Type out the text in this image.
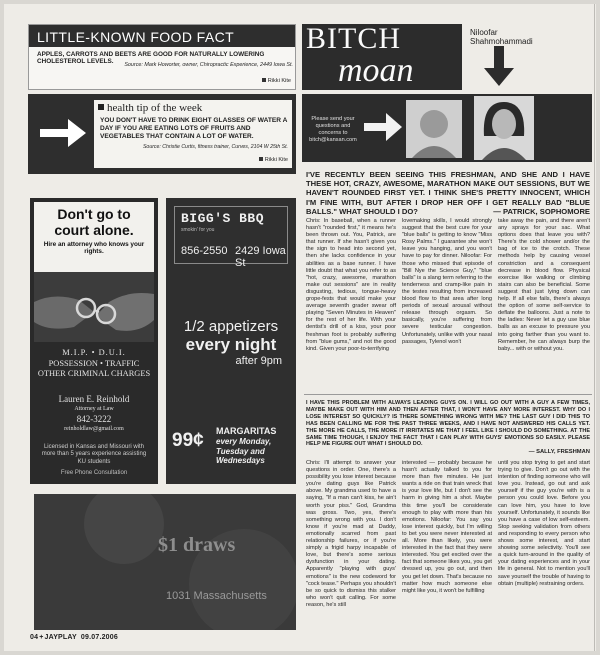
LITTLE-KNOWN FOOD FACT
APPLES, CARROTS AND BEETS ARE GOOD FOR NATURALLY LOWERING CHOLESTEROL LEVELS.	Source: Mark Howorter, owner, Chiropractic Experience, 2449 Iowa St.
Rikki Kite
health tip of the week
YOU DON'T HAVE TO DRINK EIGHT GLASSES OF WATER A DAY IF YOU ARE EATING LOTS OF FRUITS AND VEGETABLES THAT CONTAIN A LOT OF WATER.
Source: Christie Curtis, fitness trainer, Curves, 2104 W 25th St.
Rikki Kite
Don't go to
court alone.
Hire an attorney who knows your rights.
M.I.P. • D.U.I.
POSSESSION • TRAFFIC
OTHER CRIMINAL CHARGES
Lauren E. Reinhold
Attorney at Law
842-3222
reinholdlaw@gmail.com
Licensed in Kansas and Missouri with more than 5 years experience assisting KU students
Free Phone Consultation
BIGG'S BBQ
smokin' for you
856-2550 2429 Iowa St
1/2 appetizers
every night
after 9pm
99¢ MARGARITAS
every Monday, Tuesday and Wednesdays
$1 draws
1031 Massachusetts
04+JAYPLAY 09.07.2006
BITCH
moan
Niloofar Shahmohammadi
Please send your questions and concerns to bitch@kansan.com
I'VE RECENTLY BEEN SEEING THIS FRESHMAN, AND SHE AND I HAVE THESE HOT, CRAZY, AWESOME, MARATHON MAKE OUT SESSIONS, BUT WE HAVEN'T ROUNDED FIRST YET. I THINK SHE'S PRETTY INNOCENT, WHICH I'M FINE WITH, BUT AFTER I DROP HER OFF I GET REALLY BAD "BLUE BALLS." WHAT SHOULD I DO?	— PATRICK, SOPHOMORE
Chris: In baseball, when a runner hasn't "rounded first," it means he's been thrown out. You, Patrick, are that runner. If she hasn't given you the sign to head into second yet, then she lacks confidence in your abilities as a base runner. I have little doubt that what you refer to as "hot, crazy, awesome, marathon make out sessions" are in reality disgusting, tedious, tongue-heavy grope-fests that would make your average seventh grader swear off playing "Seven Minutes in Heaven" for the rest of her life. With your dentist's drill of a kiss, your poor freshman foot is probably suffering from "blue gums," and not the good kind. Given your poor-to-terrifying
lovemaking skills, I would strongly suggest that the best cure for your "blue balls" is getting to know "Miss Rosy Palms." I guarantee she won't leave you hanging, and you won't have to pay for dinner. Niloofar: For those who missed that episode of "Bill Nye the Science Guy," "blue balls" is a slang term referring to the tenderness and cramp-like pain in the testes resulting from increased blood flow to that area after long periods of sexual arousal without release through orgasm. So basically, you're suffering from severe testicular congestion. Unfortunately, unlike with your nasal passages, Tylenol won't
take away the pain, and there aren't any sprays for your sac. What options does that leave you with? There's the cold shower and/or the bag of ice to the crotch. These methods help by causing vessel constriction and a consequent decrease in blood flow. Physical exercise like walking or climbing stairs can also be beneficial. Some suggest that just lying down can help. If all else fails, there's always the option of some self-service to deflate the balloons. Just a note to the ladies: Never let a guy use blue balls as an excuse to pressure you into going farther than you want to. Remember, he can always burp the baby... with or without you.
I HAVE THIS PROBLEM WITH ALWAYS LEADING GUYS ON. I WILL GO OUT WITH A GUY A FEW TIMES, MAYBE MAKE OUT WITH HIM AND THEN AFTER THAT, I WON'T HAVE ANY MORE INTEREST. WHY DO I LOSE INTEREST SO QUICKLY? IS THERE SOMETHING WRONG WITH ME? THE LAST GUY I DID THIS TO HAS BEEN CALLING ME FOR THE PAST THREE WEEKS, AND I HAVE NOT ANSWERED HIS CALLS YET. THE MORE HE CALLS, THE MORE IT IRRITATES ME THAT I FEEL LIKE I SHOULD DO SOMETHING. AT THE SAME TIME THOUGH, I ENJOY THE FACT THAT I CAN PLAY WITH GUYS' EMOTIONS SO EASILY. PLEASE HELP ME FIGURE OUT WHAT I SHOULD DO.
— SALLY, FRESHMAN
Chris: I'll attempt to answer your questions in order. One, there's a possibility you lose interest because you're dating guys like Patrick above. My grandma used to have a saying, "If a man can't kiss, he ain't worth your piss." God, Grandma was gross. Two, yes, there's something wrong with you. I don't know if you're mad at Daddy, emotionally scarred from past relationship failures, or if you're simply a frigid harpy incapable of love, but there's some serious dysfunction in your dating. Apparently "playing with guys' emotions" is the new codeword for "cock tease." Perhaps you shouldn't be so quick to dismiss this stalker who won't quit calling. For some reason, he's still
interested — probably because he hasn't actually talked to you for more than five minutes. He just wants a ride on that train wreck that is your love life, but I don't see the harm in giving him a shot. Maybe this time you'll be considerate enough to play with more than his emotions. Niloofar: You say you lose interest quickly, but I'm willing to bet you were never interested at all. More than likely, you were interested in the fact that they were interested. You get excited over the fact that someone likes you, you get dressed up, you go out, and then you get let down. That's because no matter how much someone else might like you, it won't be fulfilling
until you stop trying to get and start trying to give. Don't go out with the intention of finding someone who will love you. Instead, go out and ask yourself if the guy you're with is a person you could love. Before you can love him, you have to love yourself. Unfortunately, it sounds like you have a case of low self-esteem. Stop seeking validation from others and responding to every person who shows some interest, and start showing some selectivity. You'll see a quick turn-around in the quality of your dating experiences and in your life in general. Not to mention you'll save yourself the trouble of having to obtain (multiple) restraining orders.
